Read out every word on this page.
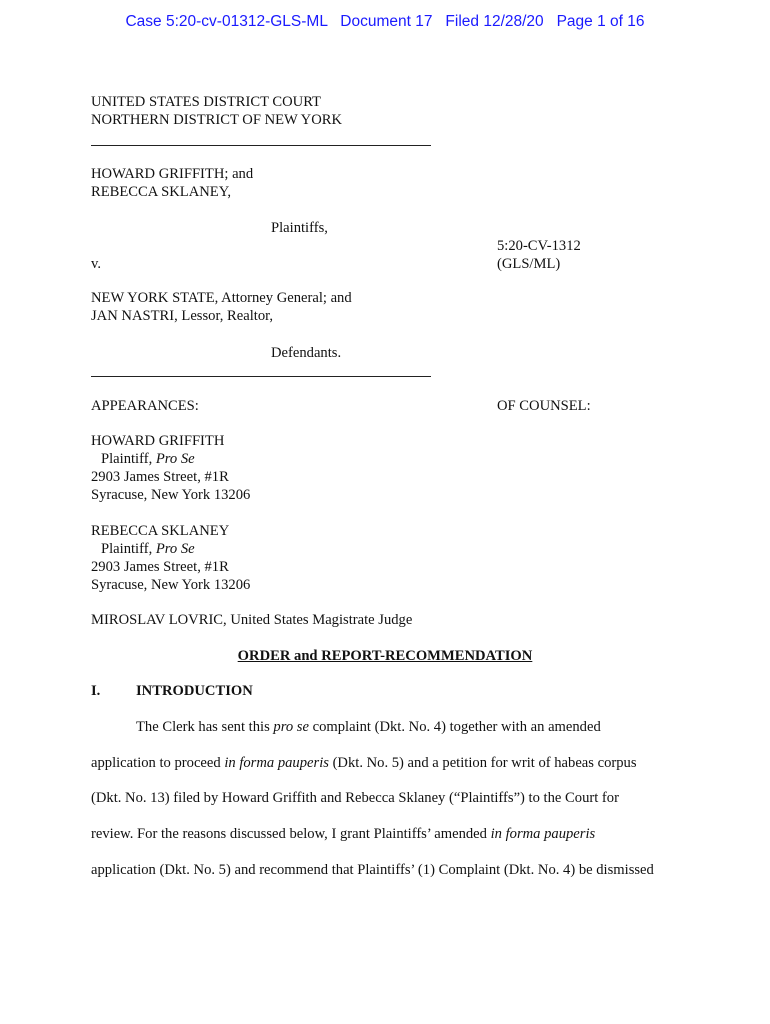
Case 5:20-cv-01312-GLS-ML Document 17 Filed 12/28/20 Page 1 of 16
UNITED STATES DISTRICT COURT
NORTHERN DISTRICT OF NEW YORK
HOWARD GRIFFITH; and
REBECCA SKLANEY,
Plaintiffs,
5:20-CV-1312
v.	(GLS/ML)
NEW YORK STATE, Attorney General; and
JAN NASTRI, Lessor, Realtor,
Defendants.
APPEARANCES:	OF COUNSEL:
HOWARD GRIFFITH
Plaintiff, Pro Se
2903 James Street, #1R
Syracuse, New York 13206
REBECCA SKLANEY
Plaintiff, Pro Se
2903 James Street, #1R
Syracuse, New York 13206
MIROSLAV LOVRIC, United States Magistrate Judge
ORDER and REPORT-RECOMMENDATION
I. INTRODUCTION
The Clerk has sent this pro se complaint (Dkt. No. 4) together with an amended
application to proceed in forma pauperis (Dkt. No. 5) and a petition for writ of habeas corpus
(Dkt. No. 13) filed by Howard Griffith and Rebecca Sklaney (“Plaintiffs”) to the Court for
review. For the reasons discussed below, I grant Plaintiffs’ amended in forma pauperis
application (Dkt. No. 5) and recommend that Plaintiffs’ (1) Complaint (Dkt. No. 4) be dismissed
